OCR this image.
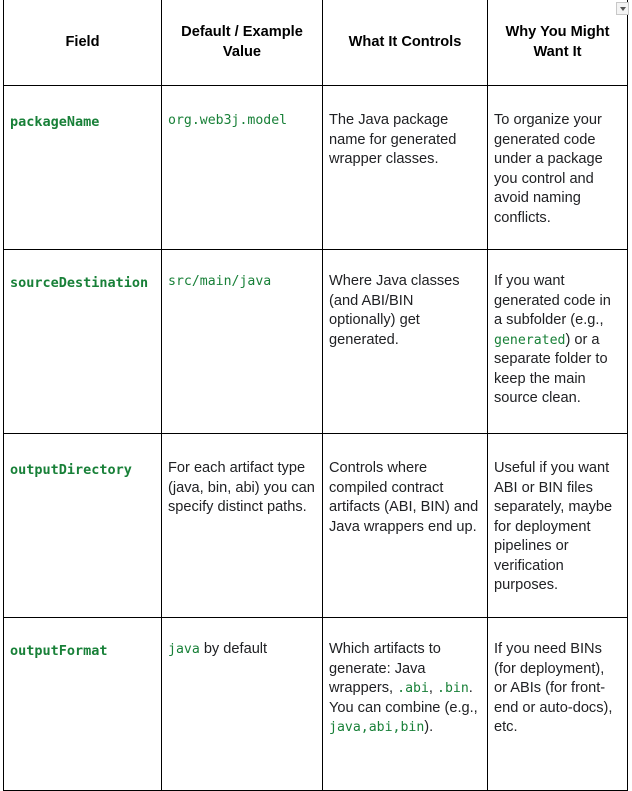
Field	Default / Example Value	What It Controls	Why You Might Want It
packageName	org.web3j.model	The Java package name for generated wrapper classes.	To organize your generated code under a package you control and avoid naming conflicts.
sourceDestination	src/main/java	Where Java classes (and ABI/BIN optionally) get generated.	If you want generated code in a subfolder (e.g., generated) or a separate folder to keep the main source clean.
outputDirectory	For each artifact type (java, bin, abi) you can specify distinct paths.	Controls where compiled contract artifacts (ABI, BIN) and Java wrappers end up.	Useful if you want ABI or BIN files separately, maybe for deployment pipelines or verification purposes.
outputFormat	java by default	Which artifacts to generate: Java wrappers, .abi, .bin. You can combine (e.g., java,abi,bin).	If you need BINs (for deployment), or ABIs (for front-end or auto-docs), etc.
